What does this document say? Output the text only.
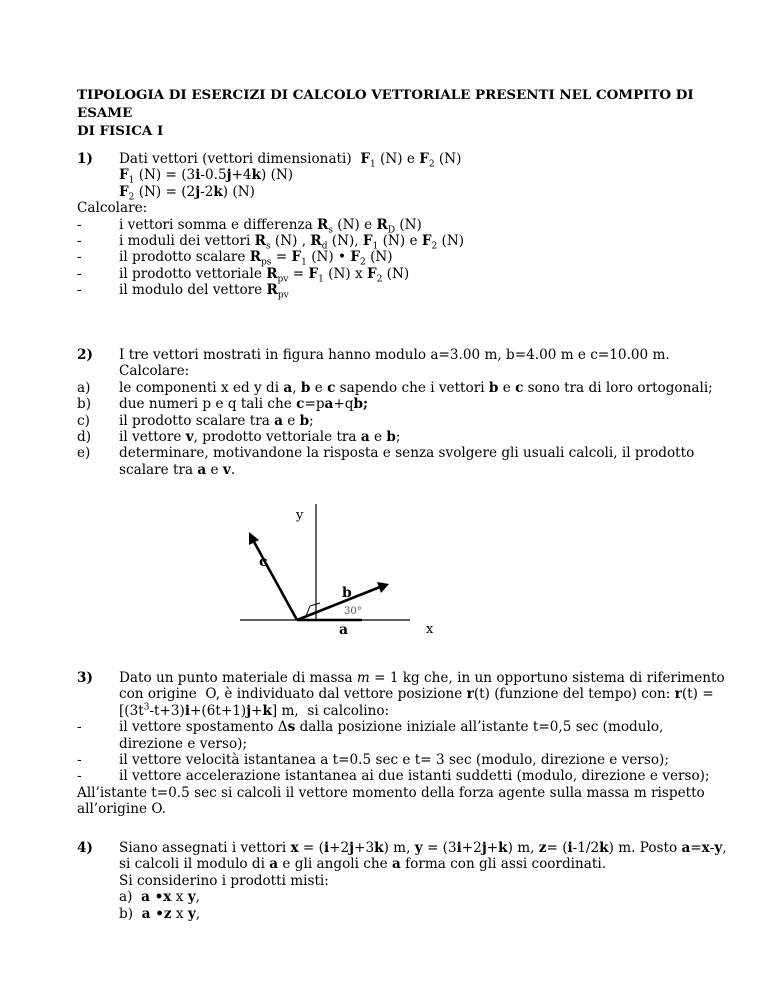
TIPOLOGIA DI ESERCIZI DI CALCOLO VETTORIALE PRESENTI NEL COMPITO DI ESAME
DI FISICA I
1) Dati vettori (vettori dimensionati)  $F_1$ (N) e $F_2$ (N)
$F_1$ (N) = (3i-0.5j+4k) (N)
$F_2$ (N) = (2j-2k) (N)
Calcolare:
-	i vettori somma e differenza $R_s$ (N) e $R_D$ (N)
-	i moduli dei vettori $R_s$ (N) , $R_d$ (N), $F_1$ (N) e $F_2$ (N)
-	il prodotto scalare $R_{ps} = F_1$ (N) • $F_2$ (N)
-	il prodotto vettoriale $R_{pv} = F_1$ (N) x $F_2$ (N)
-	il modulo del vettore $R_{pv}$
2) I tre vettori mostrati in figura hanno modulo a=3.00 m, b=4.00 m e c=10.00 m.
Calcolare:
a) le componenti x ed y di a, b e c sapendo che i vettori b e c sono tra di loro ortogonali;
b) due numeri p e q tali che c=pa+qb;
c) il prodotto scalare tra a e b;
d) il vettore v, prodotto vettoriale tra a e b;
e) determinare, motivandone la risposta e senza svolgere gli usuali calcoli, il prodotto
scalare tra a e v.
y
x
a
b
c
30°
3) Dato un punto materiale di massa m = 1 kg che, in un opportuno sistema di riferimento
con origine  O, è individuato dal vettore posizione r(t) (funzione del tempo) con: r(t) =
$[(3t^3-t+3)i+(6t+1)j+k]$ m,  si calcolino:
-	il vettore spostamento Δs dalla posizione iniziale all’istante t=0,5 sec (modulo,
direzione e verso);
-	il vettore velocità istantanea a t=0.5 sec e t= 3 sec (modulo, direzione e verso);
-	il vettore accelerazione istantanea ai due istanti suddetti (modulo, direzione e verso);
All’istante t=0.5 sec si calcoli il vettore momento della forza agente sulla massa m rispetto
all’origine O.
4) Siano assegnati i vettori x = (i+2j+3k) m, y = (3i+2j+k) m, z= (i-1/2k) m. Posto a=x-y,
si calcoli il modulo di a e gli angoli che a forma con gli assi coordinati.
Si considerino i prodotti misti:
a)  a •x x y,
b)  a •z x y,
